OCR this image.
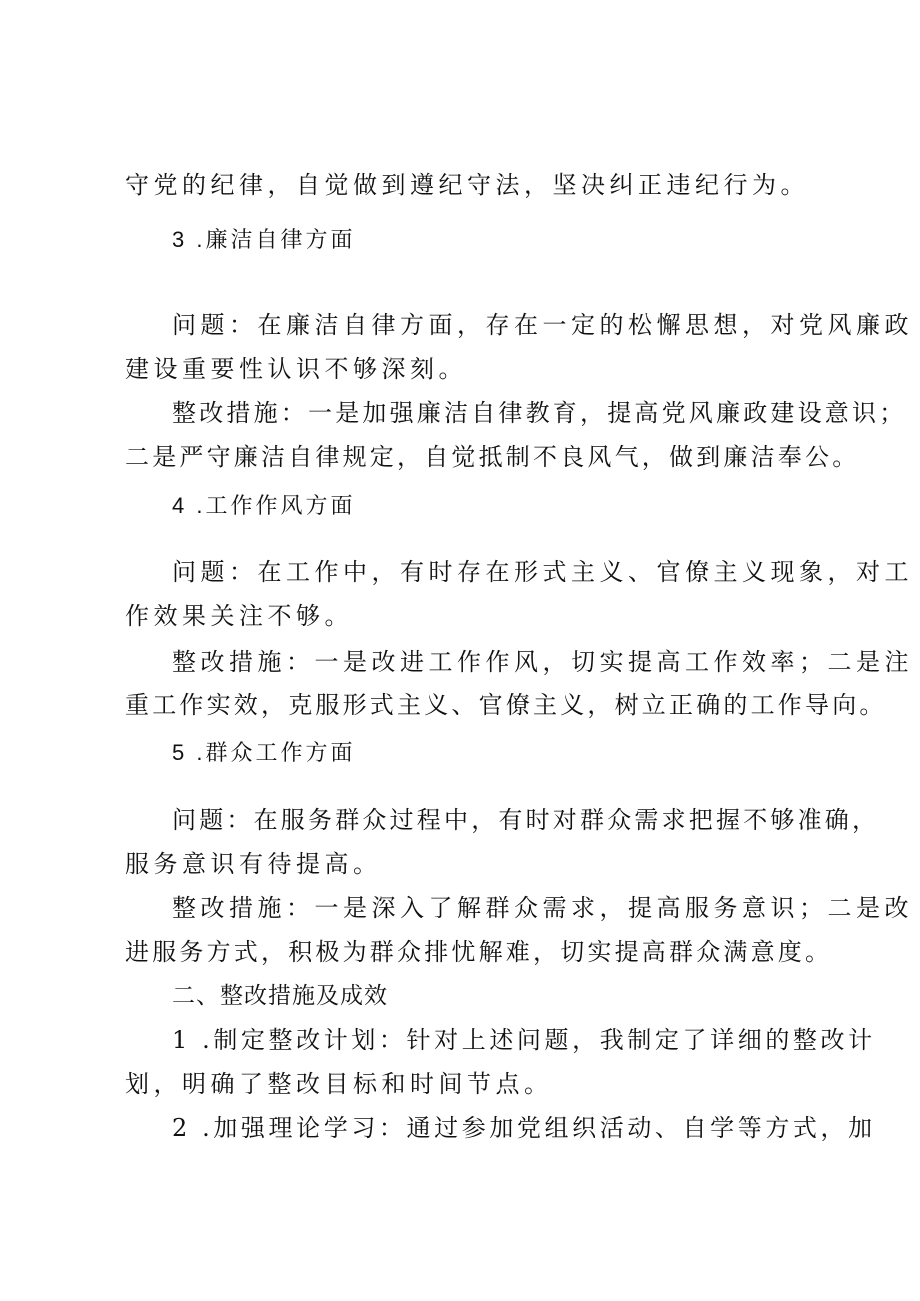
守党的纪律，自觉做到遵纪守法，坚决纠正违纪行为。
3 .廉洁自律方面
问题：在廉洁自律方面，存在一定的松懈思想，对党风廉政
建设重要性认识不够深刻。
整改措施：一是加强廉洁自律教育，提高党风廉政建设意识；
二是严守廉洁自律规定，自觉抵制不良风气，做到廉洁奉公。
4 .工作作风方面
问题：在工作中，有时存在形式主义、官僚主义现象，对工
作效果关注不够。
整改措施：一是改进工作作风，切实提高工作效率；二是注
重工作实效，克服形式主义、官僚主义，树立正确的工作导向。
5 .群众工作方面
问题：在服务群众过程中，有时对群众需求把握不够准确，
服务意识有待提高。
整改措施：一是深入了解群众需求，提高服务意识；二是改
进服务方式，积极为群众排忧解难，切实提高群众满意度。
二、整改措施及成效
1 .制定整改计划：针对上述问题，我制定了详细的整改计
划，明确了整改目标和时间节点。
2 .加强理论学习：通过参加党组织活动、自学等方式，加
